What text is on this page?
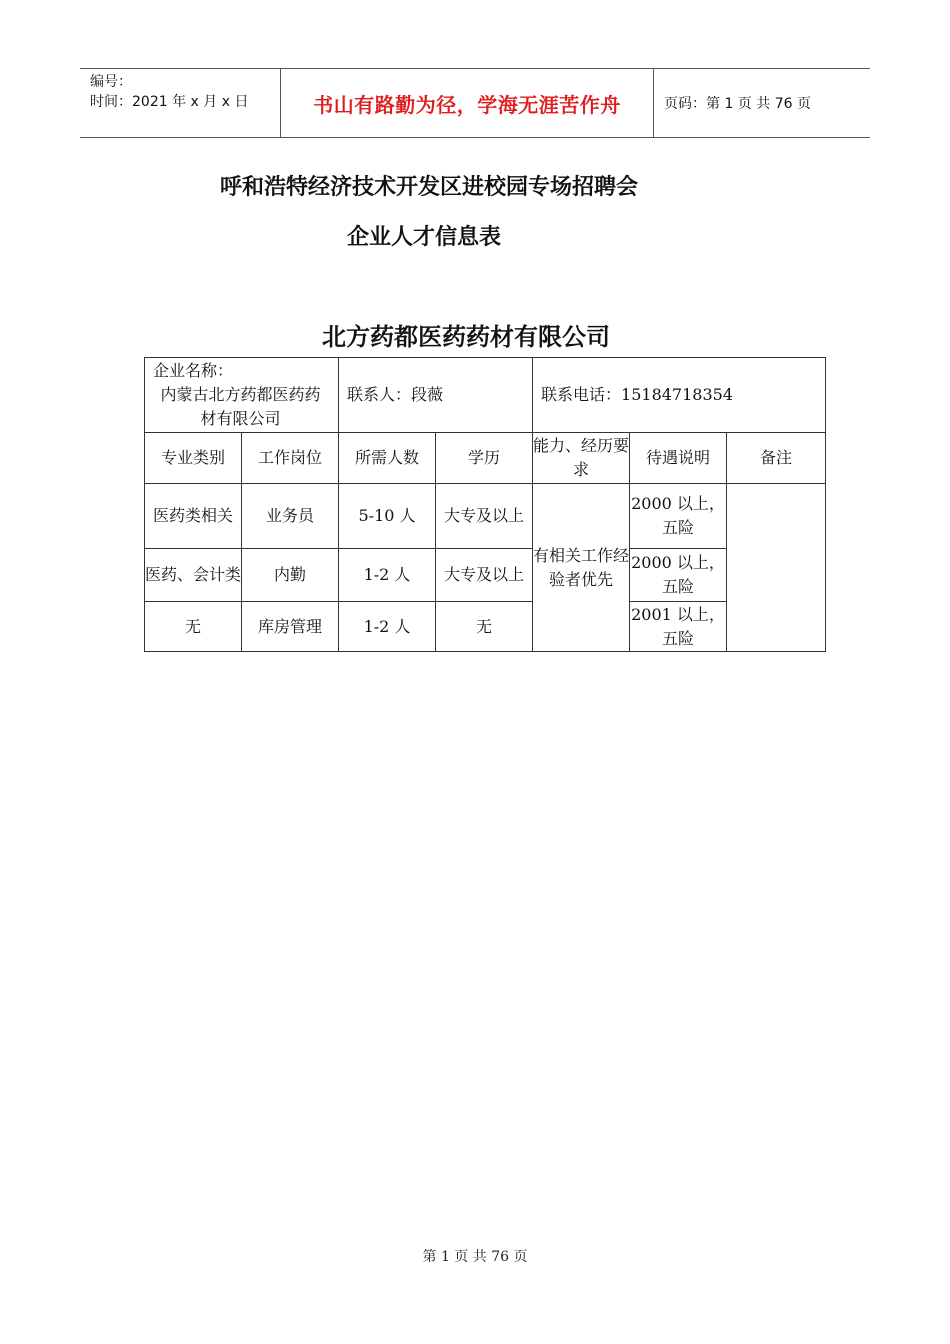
编号：
时间：2021 年 x 月 x 日	书山有路勤为径，学海无涯苦作舟	页码：第 1 页 共 76 页
呼和浩特经济技术开发区进校园专场招聘会
企业人才信息表
北方药都医药药材有限公司
企业名称：
内蒙古北方药都医药药材有限公司		联系人：段薇		联系电话：15184718354		
专业类别	工作岗位	所需人数	学历	能力、经历要求	待遇说明	备注
医药类相关	业务员	5-10 人	大专及以上	有相关工作经验者优先	2000 以上，五险	
医药、会计类	内勤	1-2 人	大专及以上		2000 以上，五险	
无	库房管理	1-2 人	无		2001 以上，五险	
第 1 页 共 76 页
